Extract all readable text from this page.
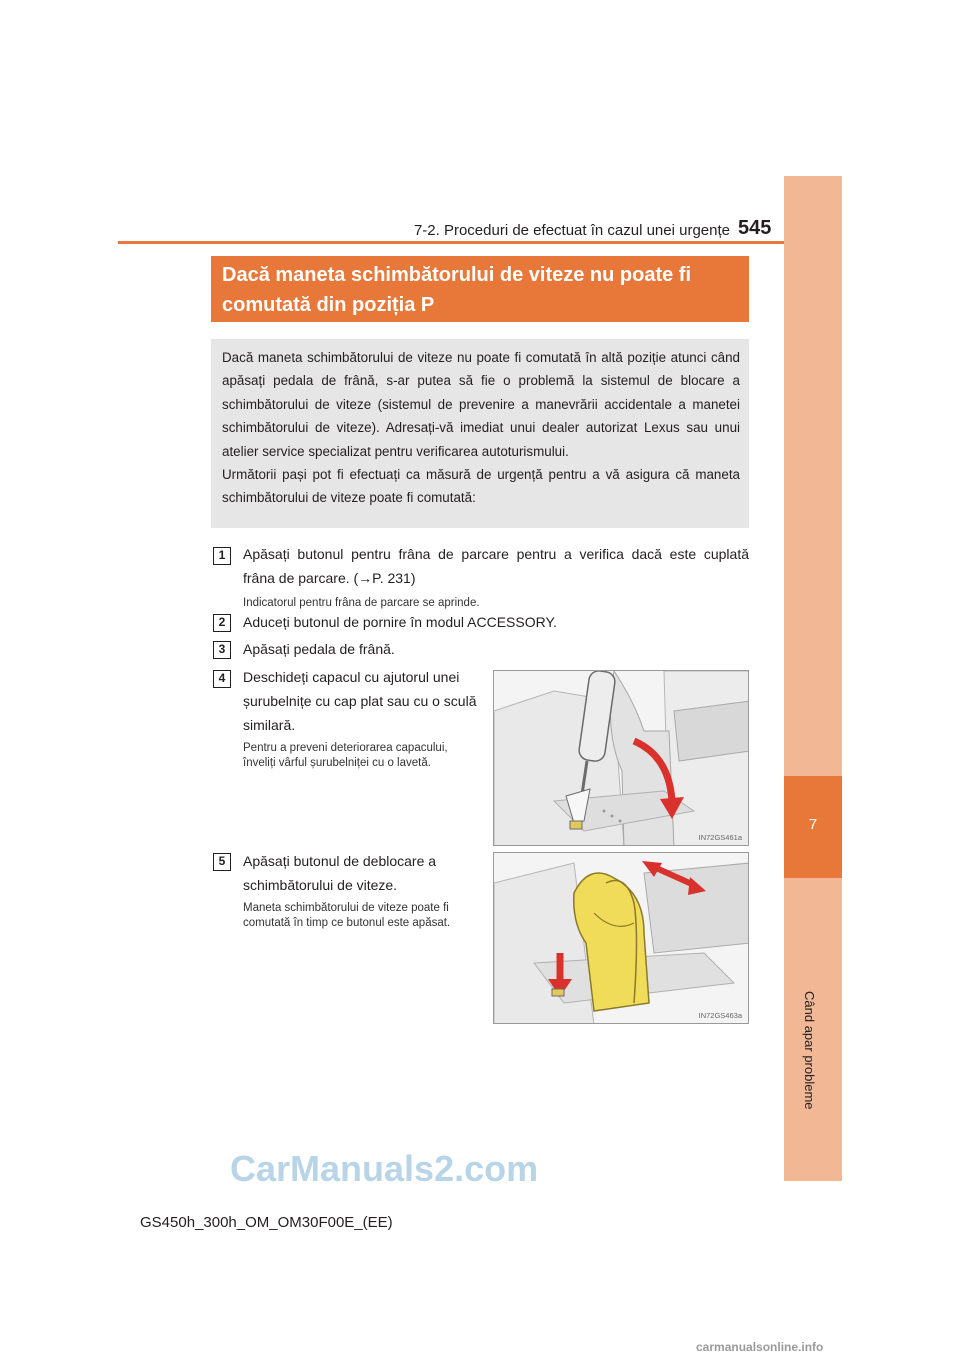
7
Când apar probleme
7-2. Proceduri de efectuat în cazul unei urgențe 545
Dacă maneta schimbătorului de viteze nu poate fi
comutată din poziția P

Dacă maneta schimbătorului de viteze nu poate fi comutată în altă poziție atunci când apăsați pedala de frână, s-ar putea să fie o problemă la sistemul de blocare a schimbătorului de viteze (sistemul de prevenire a manevrării accidentale a manetei schimbătorului de viteze). Adresați-vă imediat unui dealer autorizat Lexus sau unui atelier service specializat pentru verificarea autoturismului.

Următorii pași pot fi efectuați ca măsură de urgență pentru a vă asigura că maneta schimbătorului de viteze poate fi comutată:

1	Apăsați butonul pentru frâna de parcare pentru a verifica dacă este cuplată
frâna de parcare. (→P. 231)
Indicatorul pentru frâna de parcare se aprinde.
2	Aduceți butonul de pornire în modul ACCESSORY.
3	Apăsați pedala de frână.
4	Deschideți capacul cu ajutorul unei
șurubelnițe cu cap plat sau cu o sculă
similară.
Pentru a preveni deteriorarea capacului,
înveliți vârful șurubelniței cu o lavetă.
IN72GS461a
5	Apăsați butonul de deblocare a
schimbătorului de viteze.
Maneta schimbătorului de viteze poate fi
comutată în timp ce butonul este apăsat.
IN72GS463a
CarManuals2.com
GS450h_300h_OM_OM30F00E_(EE)
carmanualsonline.info
